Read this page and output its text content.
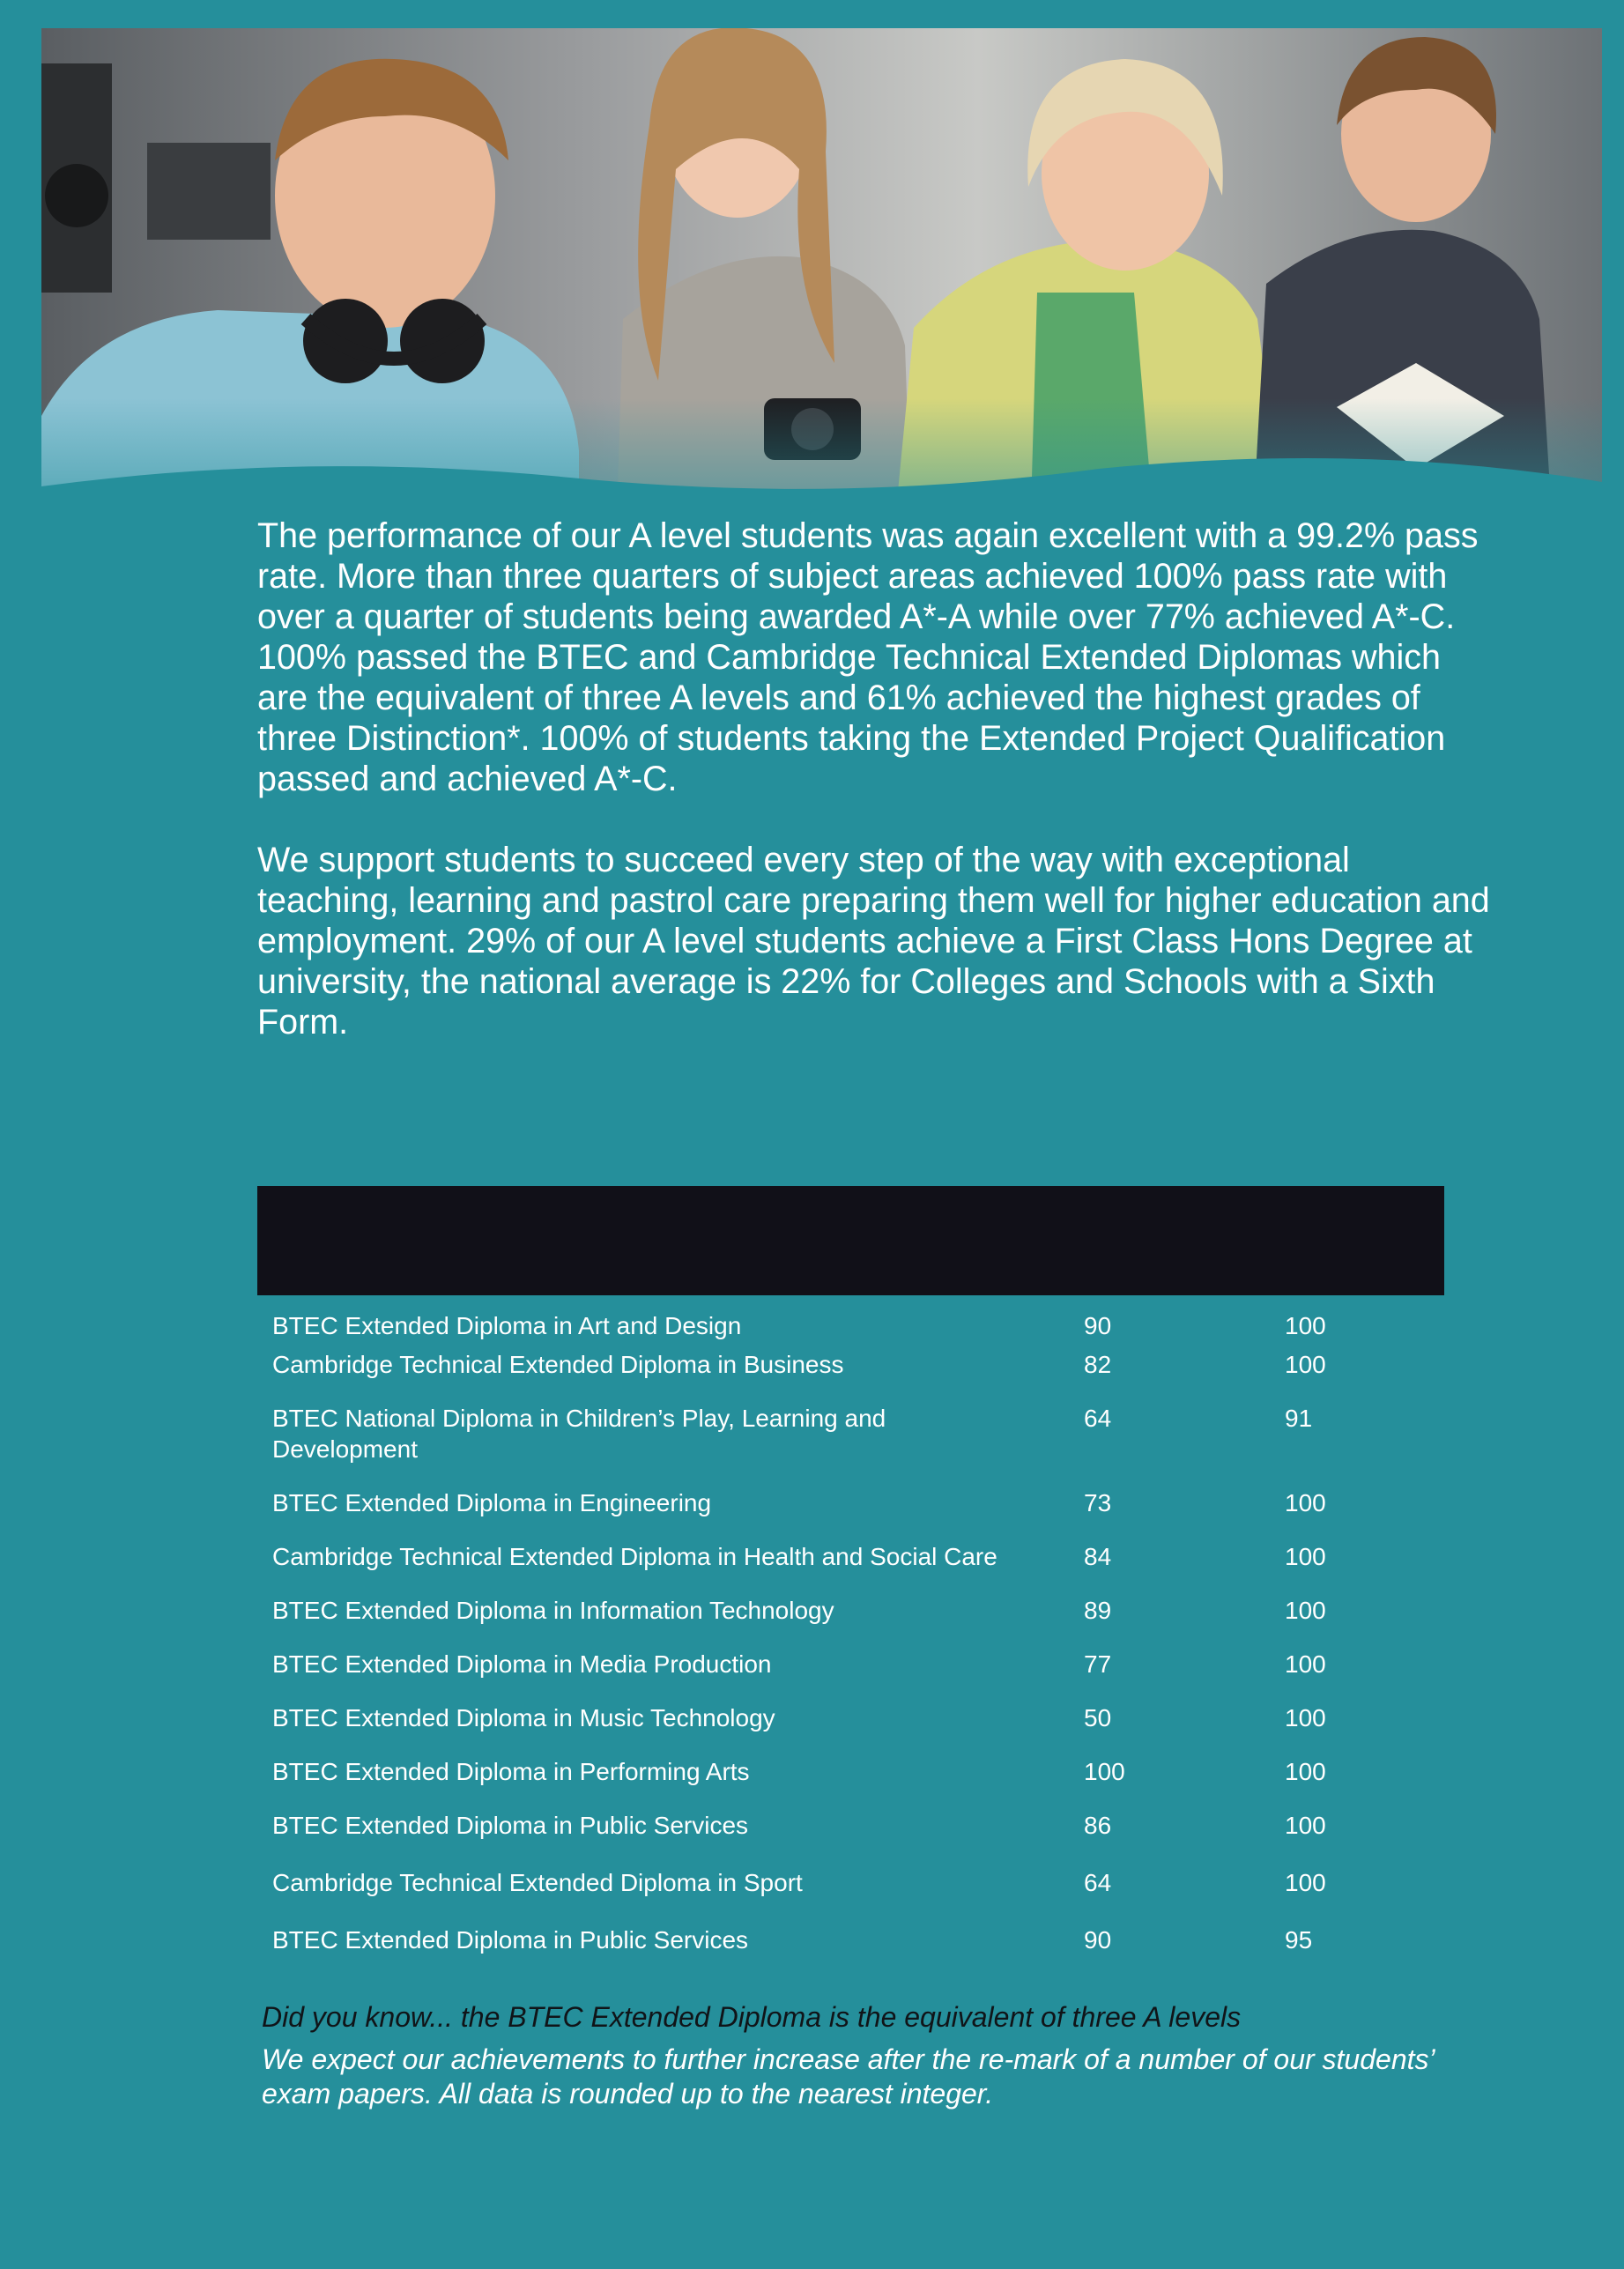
The performance of our A level students was again excellent with a 99.2% pass rate. More than three quarters of subject areas achieved 100% pass rate with over a quarter of students being awarded A*-A while over 77% achieved A*-C. 100% passed the BTEC and Cambridge Technical Extended Diplomas which are the equivalent of three A levels and 61% achieved the highest grades of three Distinction*. 100% of students taking the Extended Project Qualification passed and achieved A*-C.

We support students to succeed every step of the way with exceptional teaching, learning and pastrol care preparing them well for higher education and employment. 29% of our A level students achieve a First Class Hons Degree at university, the national average is 22% for Colleges and Schools with a Sixth Form.

BTEC Extended Diploma in Art and Design	90	100
Cambridge Technical Extended Diploma in Business	82	100
BTEC National Diploma in Children’s Play, Learning and Development
64	91
BTEC Extended Diploma in Engineering	73	100
Cambridge Technical Extended Diploma in Health and Social Care	84	100
BTEC Extended Diploma in Information Technology	89	100
BTEC Extended Diploma in Media Production	77	100
BTEC Extended Diploma in Music Technology	50	100
BTEC Extended Diploma in Performing Arts	100	100
BTEC Extended Diploma in Public Services	86	100
Cambridge Technical Extended Diploma in Sport	64	100
BTEC Extended Diploma in Public Services	90	95

Did you know... the BTEC Extended Diploma is the equivalent of three A levels

We expect our achievements to further increase after the re-mark of a number of our students’ exam papers. All data is rounded up to the nearest integer.
